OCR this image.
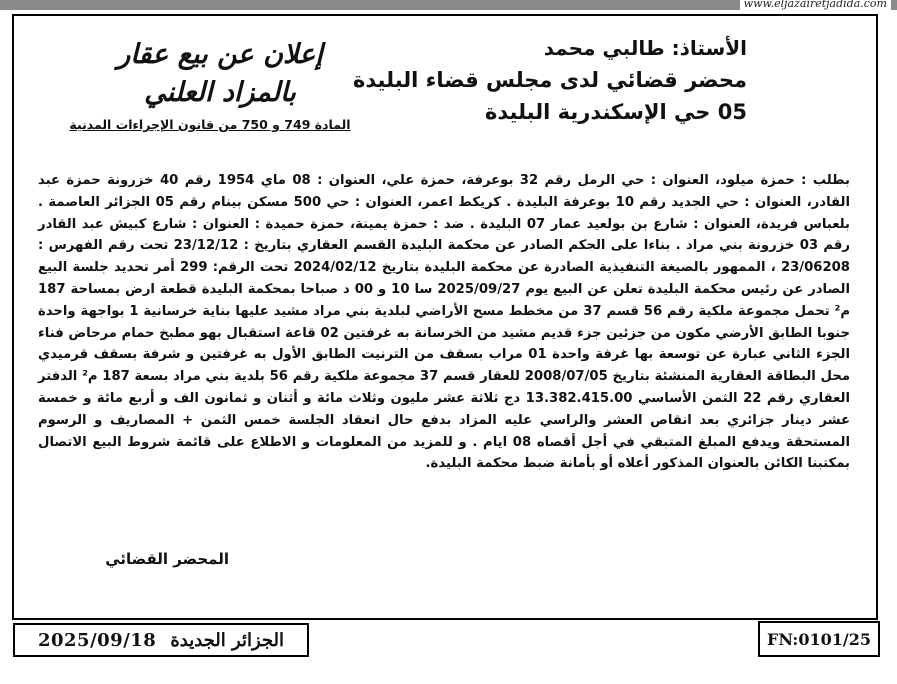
www.eljazairetjadida.com
الأستاذ: طالبي محمد
محضر قضائي لدى مجلس قضاء البليدة
05 حي الإسكندرية البليدة
إعلان عن بيع عقار
بالمزاد العلني
المادة 749 و 750 من قانون الإجراءات المدنية
بطلب : حمزة ميلود، العنوان : حي الرمل رقم 32 بوعرفة، حمزة علي، العنوان : 08 ماي 1954 رقم 40 خزرونة حمزة عبد القادر، العنوان : حي الجديد رقم 10 بوعرفة البليدة . كريكط اعمر، العنوان : حي 500 مسكن بينام رقم 05 الجزائر العاصمة . بلعباس فريدة، العنوان : شارع بن بولعيد عمار 07 البليدة . ضد : حمزة يمينة، حمزة حميدة : العنوان : شارع كبيش عبد القادر رقم 03 خزرونة بني مراد . بناءا على الحكم الصادر عن محكمة البليدة القسم العقاري بتاريخ : 23/12/12 تحت رقم الفهرس : 23/06208 ، الممهور بالصيغة التنفيذية الصادرة عن محكمة البليدة بتاريخ 2024/02/12 تحت الرقم: 299 أمر تحديد جلسة البيع الصادر عن رئيس محكمة البليدة تعلن عن البيع يوم 2025/09/27 سا 10 و 00 د صباحا بمحكمة البليدة قطعة ارض بمساحة 187 م² تحمل مجموعة ملكية رقم 56 قسم 37 من مخطط مسح الأراضي لبلدية بني مراد مشيد عليها بناية خرسانية 1 بواجهة واحدة جنوبا الطابق الأرضي مكون من جزئين جزء قديم مشيد من الخرسانة به غرفتين 02 قاعة استقبال بهو مطبخ حمام مرحاض فناء الجزء الثاني عبارة عن توسعة بها غرفة واحدة 01 مراب بسقف من الترنيت الطابق الأول به غرفتين و شرفة بسقف قرميدي محل البطاقة العقارية المنشئة بتاريخ 2008/07/05 للعقار قسم 37 مجموعة ملكية رقم 56 بلدية بني مراد بسعة 187 م² الدفتر العقاري رقم 22 الثمن الأساسي 13.382.415.00 دج ثلاثة عشر مليون وثلاث مائة و أثنان و ثمانون الف و أربع مائة و خمسة عشر دينار جزائري بعد انقاص العشر والراسي عليه المزاد بدفع حال انعقاد الجلسة خمس الثمن + المصاريف و الرسوم المستحقة ويدفع المبلغ المتبقي في أجل أقصاه 08 ايام . و للمزيد من المعلومات و الاطلاع على قائمة شروط البيع الاتصال بمكتبنا الكائن بالعنوان المذكور أعلاه أو بأمانة ضبط محكمة البليدة.
المحضر القضائي
2025/09/18 الجزائر الجديدة	FN:0101/25
